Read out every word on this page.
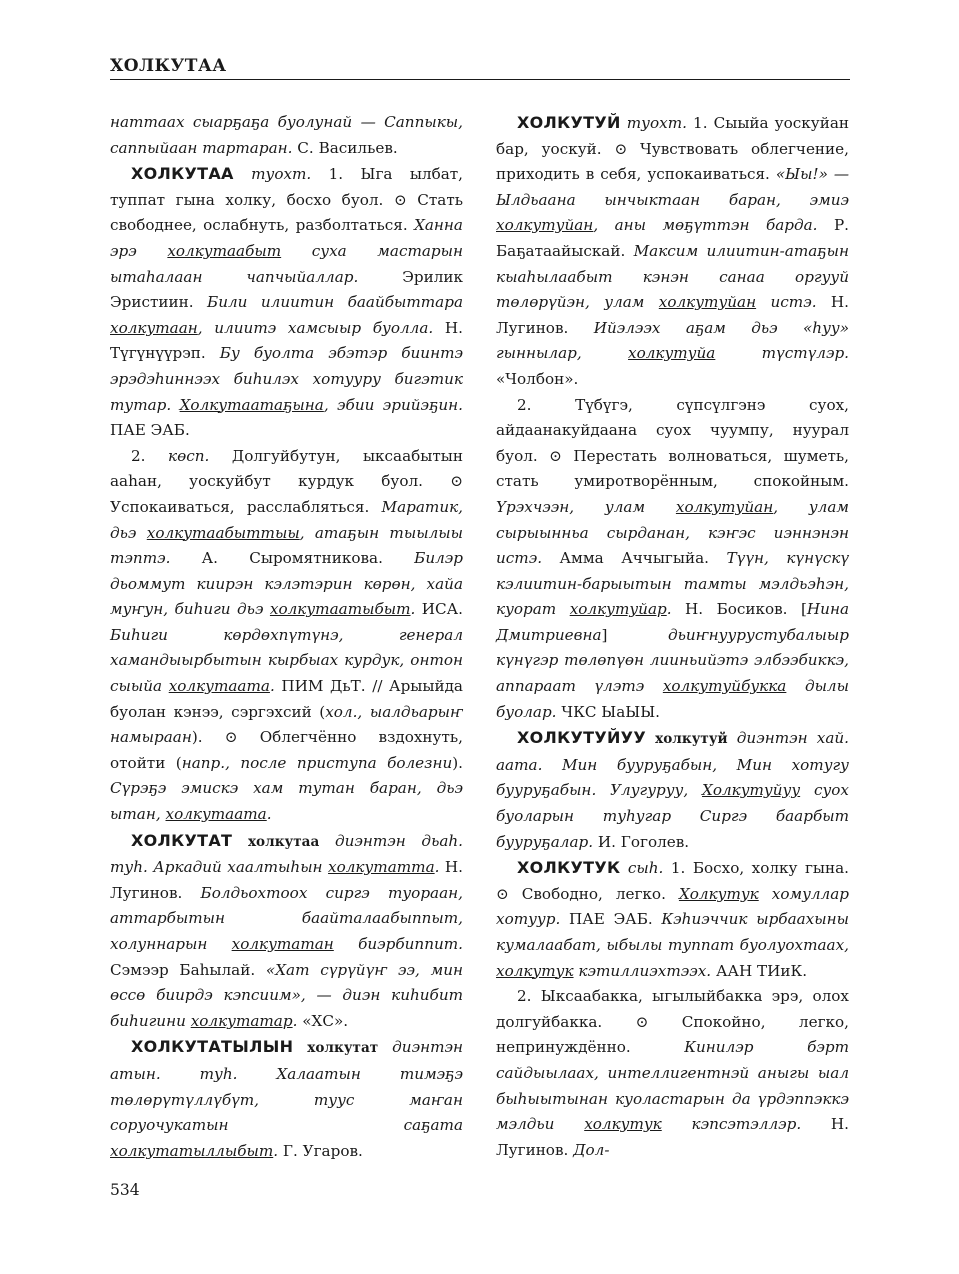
ХОЛКУТАА

наттаах сыарҕаҕа буолунай — Саппыкы, саппыйаан тартаран. С. Васильев.

ХОЛКУТАА туохт. 1. Ыга ылбат, туппат гына холку, босхо буол. ⊙ Стать свободнее, ослабнуть, разболтаться. Ханна эрэ холкутаабыт суха мастарын ытаһалаан чапчыйаллар. Эрилик Эристиин. Били илиитин баайбыттара холкутаан, илиитэ хамсыыр буолла. Н. Түгүнүүрэп. Бу буолта эбэтэр биинтэ эрэдэһиннээх биһилэх хотууру бигэтик тутар. Холкутаатаҕына, эбии эрийэҕин. ПАЕ ЭАБ.

2. көсп. Долгуйбутун, ыксаабытын ааһан, уоскуйбут курдук буол. ⊙ Успокаиваться, расслабляться. Маратик, дьэ холкутаабыттыы, атаҕын тыылыы тэптэ. А. Сыромятникова. Билэр дьоммут киирэн кэлэтэрин көрөн, хайа муҥун, биһиги дьэ холкутаатыбыт. ИСА. Биһиги көрдөхпүтүнэ, генерал хамандыырбытын кырбыах курдук, онтон сыыйа холкутаата. ПИМ ДьТ. // Арыыйда буолан кэнээ, сэргэхсий (хол., ыалдьарыҥ намыраан). ⊙ Облегчённо вздохнуть, отойти (напр., после приступа болезни). Сүрэҕэ эмискэ хам тутан баран, дьэ ытан, холкутаата.

ХОЛКУТАТ холкутаа диэнтэн дьаһ. туһ. Аркадий хаалтыһын холкутатта. Н. Лугинов. Болдьохтоох сиргэ туораан, аттарбытын баайталаабыппыт, холуннарын холкутатан биэрбиппит. Сэмээр Баһылай. «Хат сүрүйүҥ ээ, мин өссө биирдэ кэпсиим», — диэн киһибит биһигини холкутатар. «ХС».

ХОЛКУТАТЫЛЫН холкутат диэнтэн атын. туһ. Халаатын тимэҕэ төлөрүтүллүбүт, туус маҥан соруочукатын саҕата холкутатыллыбыт. Г. Угаров.

ХОЛКУТУЙ туохт. 1. Сыыйа уоскуйан бар, уоскуй. ⊙ Чувствовать облегчение, приходить в себя, успокаиваться. «Ыы!» — Ылдьаана ынчыктаан баран, эмиэ холкутуйан, аны мөҕүттэн барда. Р. Баҕатаайыскай. Максим илиитин-атаҕын кыаһылаабыт кэнэн санаа оргууй төлөрүйэн, улам холкутуйан истэ. Н. Лугинов. Ийэлээх аҕам дьэ «һуу» гыннылар, холкутуйа түстүлэр. «Чолбон».

2. Түбүгэ, сүпсүлгэнэ суох, айдаанакуйдаана суох чуумпу, нуурал буол. ⊙ Перестать волноваться, шуметь, стать умиротворённым, спокойным. Үрэхчээн, улам холкутуйан, улам сырыынньа сырданан, кэҥэс иэннэнэн истэ. Амма Аччыгыйа. Түүн, күнүскү кэлиитин-барыытын тамты мэлдьэһэн, куорат холкутуйар. Н. Босиков. [Нина Дмитриевна] дьиҥнуурустубалыыр күнүгэр төлөпүөн лииньийэтэ элбээбиккэ, аппараат үлэтэ холкутуйбукка дылы буолар. ЧКС ЫаЫЫ.

ХОЛКУТУЙУУ холкутуй диэнтэн хай. аата. Мин бууруҕабын, Мин хотугу бууруҕабын. Улугуруу, Холкутуйуу суох буоларын туһугар Сиргэ баарбыт бууруҕалар. И. Гоголев.

ХОЛКУТУК сыһ. 1. Босхо, холку гына. ⊙ Свободно, легко. Холкутук хомуллар хотуур. ПАЕ ЭАБ. Кэһиэччик ырбаахыны кумалаабат, ыбылы туппат буолуохтаах, холкутук кэтиллиэхтээх. ААН ТИиК.

2. Ыксаабакка, ыгылыйбакка эрэ, олох долгуйбакка. ⊙ Спокойно, легко, непринуждённо. Кинилэр бэрт сайдыылаах, интеллигентнэй аныгы ыал быһыытынан куоластарын да үрдэппэккэ мэлдьи холкутук кэпсэтэллэр. Н. Лугинов. Дол-

534
